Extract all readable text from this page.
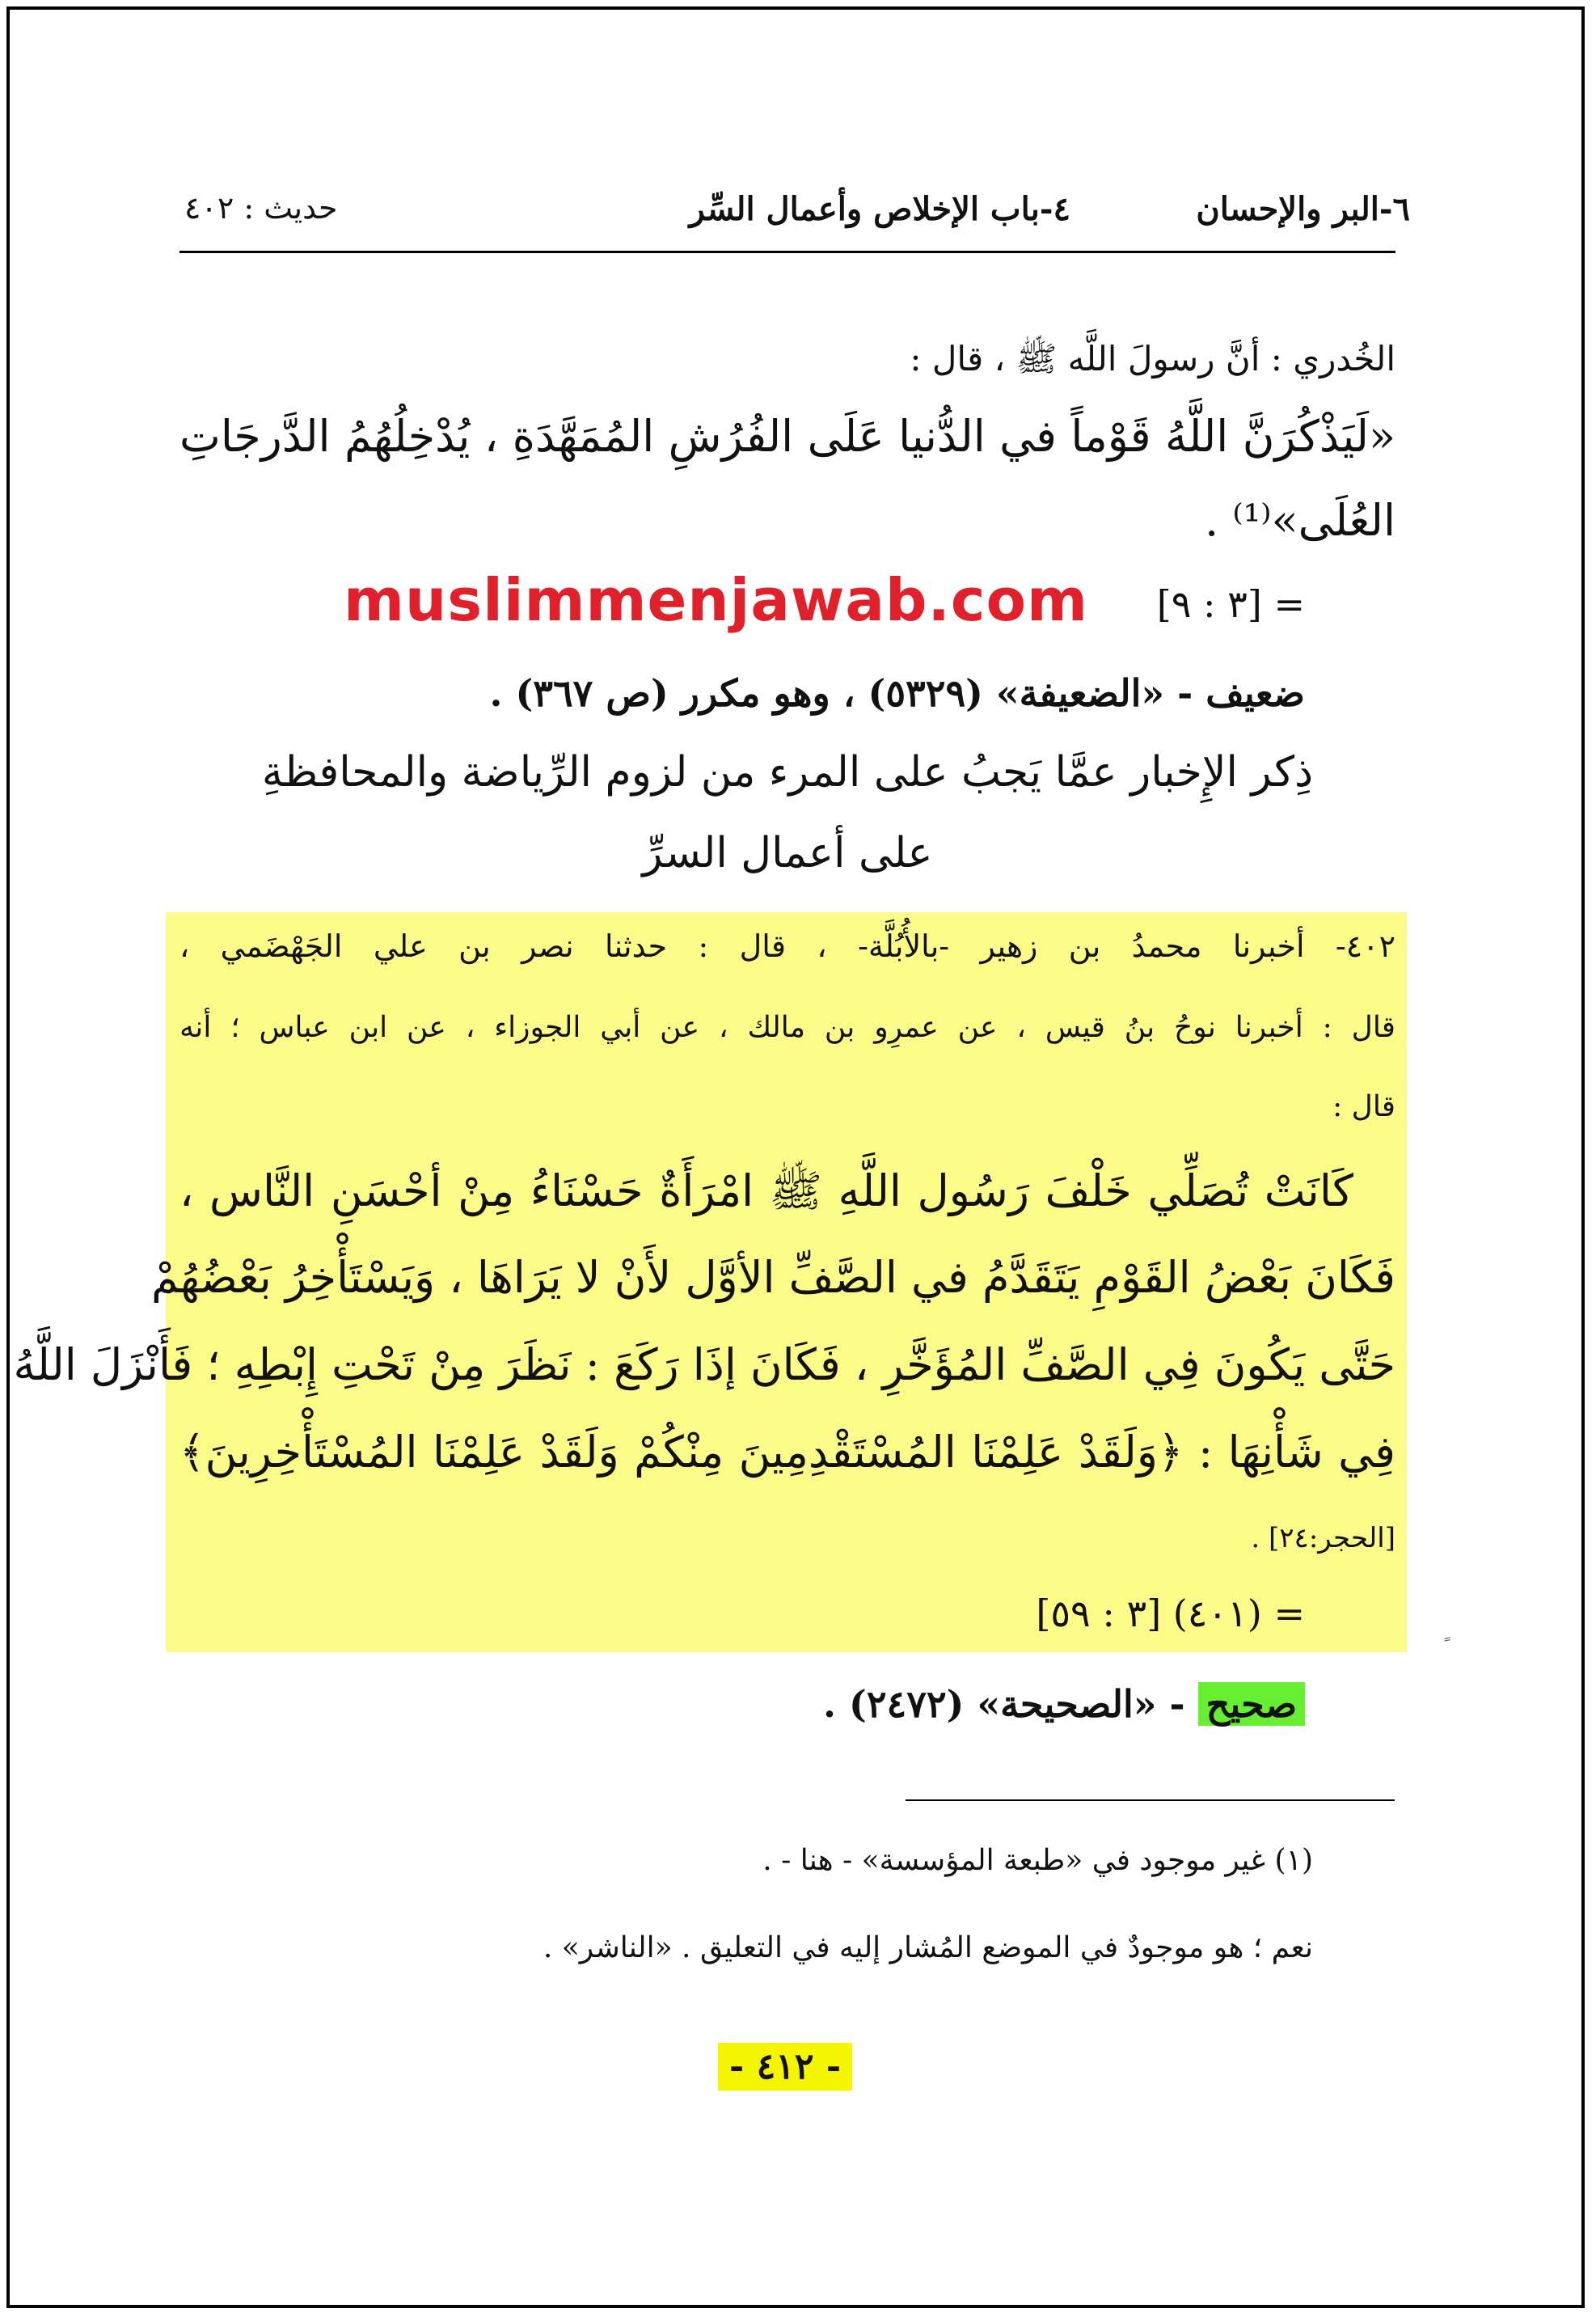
٦-البر والإحسان
٤-باب الإخلاص وأعمال السِّر
حديث : ٤٠٢
الخُدري : أنَّ رسولَ اللَّه ﷺ ، قال :
«لَيَذْكُرَنَّ اللَّهُ قَوْماً في الدُّنيا عَلَى الفُرُشِ المُمَهَّدَةِ ، يُدْخِلُهُمُ الدَّرجَاتِ
العُلَى»⁽¹⁾ .
muslimmenjawab.com = [٣ : ٩]
ضعيف - «الضعيفة» (٥٣٢٩) ، وهو مكرر (ص ٣٦٧) .
ذِكر الإِخبار عمَّا يَجبُ على المرء من لزوم الرِّياضة والمحافظةِ
على أعمال السرِّ
٤٠٢- أخبرنا محمدُ بن زهير -بالأُبُلَّة- ، قال : حدثنا نصر بن علي الجَهْضَمي ،
قال : أخبرنا نوحُ بنُ قيس ، عن عمرِو بن مالك ، عن أبي الجوزاء ، عن ابن عباس ؛ أنه
قال :
كَانَتْ تُصَلِّي خَلْفَ رَسُول اللَّهِ ﷺ امْرَأَةٌ حَسْنَاءُ مِنْ أحْسَنِ النَّاس ،
فَكَانَ بَعْضُ القَوْمِ يَتَقَدَّمُ في الصَّفِّ الأوَّل لأَنْ لا يَرَاهَا ، وَيَسْتَأْخِرُ بَعْضُهُمْ
حَتَّى يَكُونَ فِي الصَّفِّ المُؤَخَّرِ ، فَكَانَ إذَا رَكَعَ : نَظَرَ مِنْ تَحْتِ إِبْطِهِ ؛ فَأَنْزَلَ اللَّهُ
فِي شَأْنِهَا : ﴿وَلَقَدْ عَلِمْنَا المُسْتَقْدِمِينَ مِنْكُمْ وَلَقَدْ عَلِمْنَا المُسْتَأْخِرِينَ﴾
[الحجر:٢٤] .
= (٤٠١) [٣ : ٥٩]
صحيح - «الصحيحة» (٢٤٧٢) .
(١) غير موجود في «طبعة المؤسسة» - هنا - .
نعم ؛ هو موجودٌ في الموضع المُشار إليه في التعليق . «الناشر» .
- ٤١٢ -
